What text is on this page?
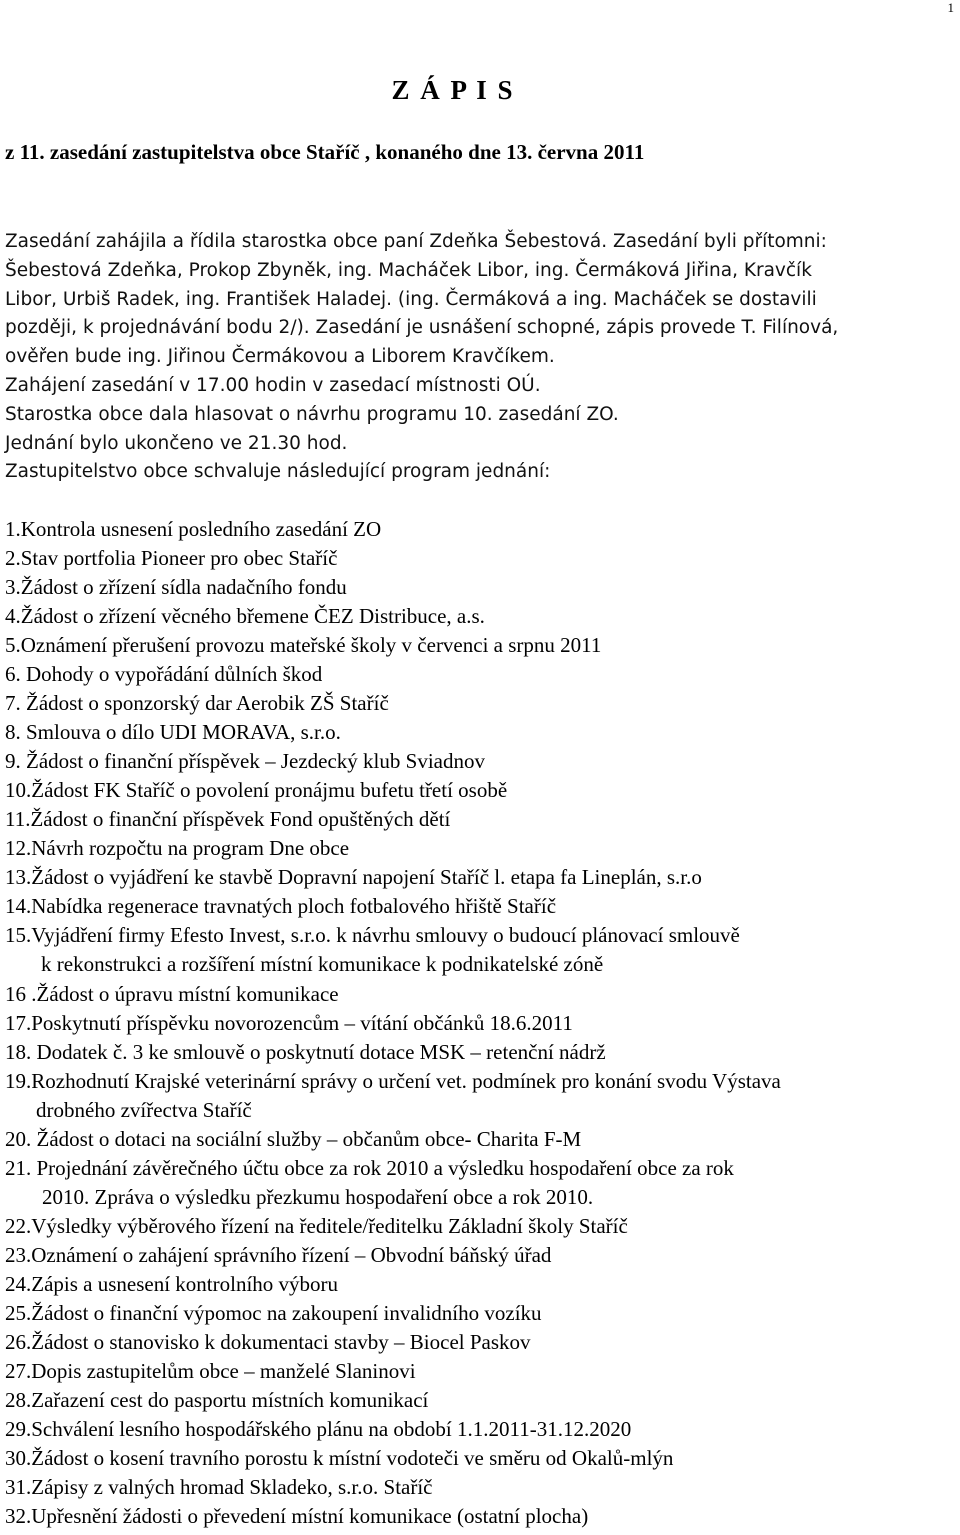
1
Z Á P I S

z 11. zasedání zastupitelstva obce Staříč , konaného dne 13. června 2011

Zasedání zahájila a řídila starostka obce paní Zdeňka Šebestová. Zasedání byli přítomni:
Šebestová Zdeňka, Prokop Zbyněk, ing. Macháček Libor, ing. Čermáková Jiřina, Kravčík
Libor, Urbiš Radek, ing. František Haladej. (ing. Čermáková a ing. Macháček se dostavili
později, k projednávání bodu 2/). Zasedání je usnášení schopné, zápis provede T. Filínová,
ověřen bude ing. Jiřinou Čermákovou a Liborem Kravčíkem.
Zahájení zasedání v 17.00 hodin v zasedací místnosti OÚ.
Starostka obce dala hlasovat o návrhu programu 10. zasedání ZO.
Jednání bylo ukončeno ve 21.30 hod.
Zastupitelstvo obce schvaluje následující program jednání:
1.Kontrola usnesení posledního zasedání ZO
2.Stav portfolia Pioneer pro obec Staříč
3.Žádost o zřízení sídla nadačního fondu
4.Žádost o zřízení věcného břemene ČEZ Distribuce, a.s.
5.Oznámení přerušení provozu mateřské školy v červenci a srpnu 2011
6. Dohody o vypořádání důlních škod
7. Žádost o sponzorský dar Aerobik ZŠ Staříč
8. Smlouva o dílo UDI MORAVA, s.r.o.
9. Žádost o finanční příspěvek – Jezdecký klub Sviadnov
10.Žádost FK Staříč o povolení pronájmu bufetu třetí osobě
11.Žádost o finanční příspěvek Fond opuštěných dětí
12.Návrh rozpočtu na program Dne obce
13.Žádost o vyjádření ke stavbě Dopravní napojení Staříč l. etapa fa Lineplán, s.r.o
14.Nabídka regenerace travnatých ploch fotbalového hřiště Staříč
15.Vyjádření firmy Efesto Invest, s.r.o. k návrhu smlouvy o budoucí plánovací smlouvě
k rekonstrukci a rozšíření místní komunikace k podnikatelské zóně
16 .Žádost o úpravu místní komunikace
17.Poskytnutí příspěvku novorozencům – vítání občánků 18.6.2011
18. Dodatek č. 3 ke smlouvě o poskytnutí dotace MSK – retenční nádrž
19.Rozhodnutí Krajské veterinární správy o určení vet. podmínek pro konání svodu Výstava
drobného zvířectva Staříč
20. Žádost o dotaci na sociální služby – občanům obce- Charita F-M
21. Projednání závěrečného účtu obce za rok 2010 a výsledku hospodaření obce za rok
2010. Zpráva o výsledku přezkumu hospodaření obce a rok 2010.
22.Výsledky výběrového řízení na ředitele/ředitelku Základní školy Staříč
23.Oznámení o zahájení správního řízení – Obvodní báňský úřad
24.Zápis a usnesení kontrolního výboru
25.Žádost o finanční výpomoc na zakoupení invalidního vozíku
26.Žádost o stanovisko k dokumentaci stavby – Biocel Paskov
27.Dopis zastupitelům obce – manželé Slaninovi
28.Zařazení cest do pasportu místních komunikací
29.Schválení lesního hospodářského plánu na období 1.1.2011-31.12.2020
30.Žádost o kosení travního porostu k místní vodoteči ve směru od Okalů-mlýn
31.Zápisy z valných hromad Skladeko, s.r.o. Staříč
32.Upřesnění žádosti o převedení místní komunikace (ostatní plocha)
